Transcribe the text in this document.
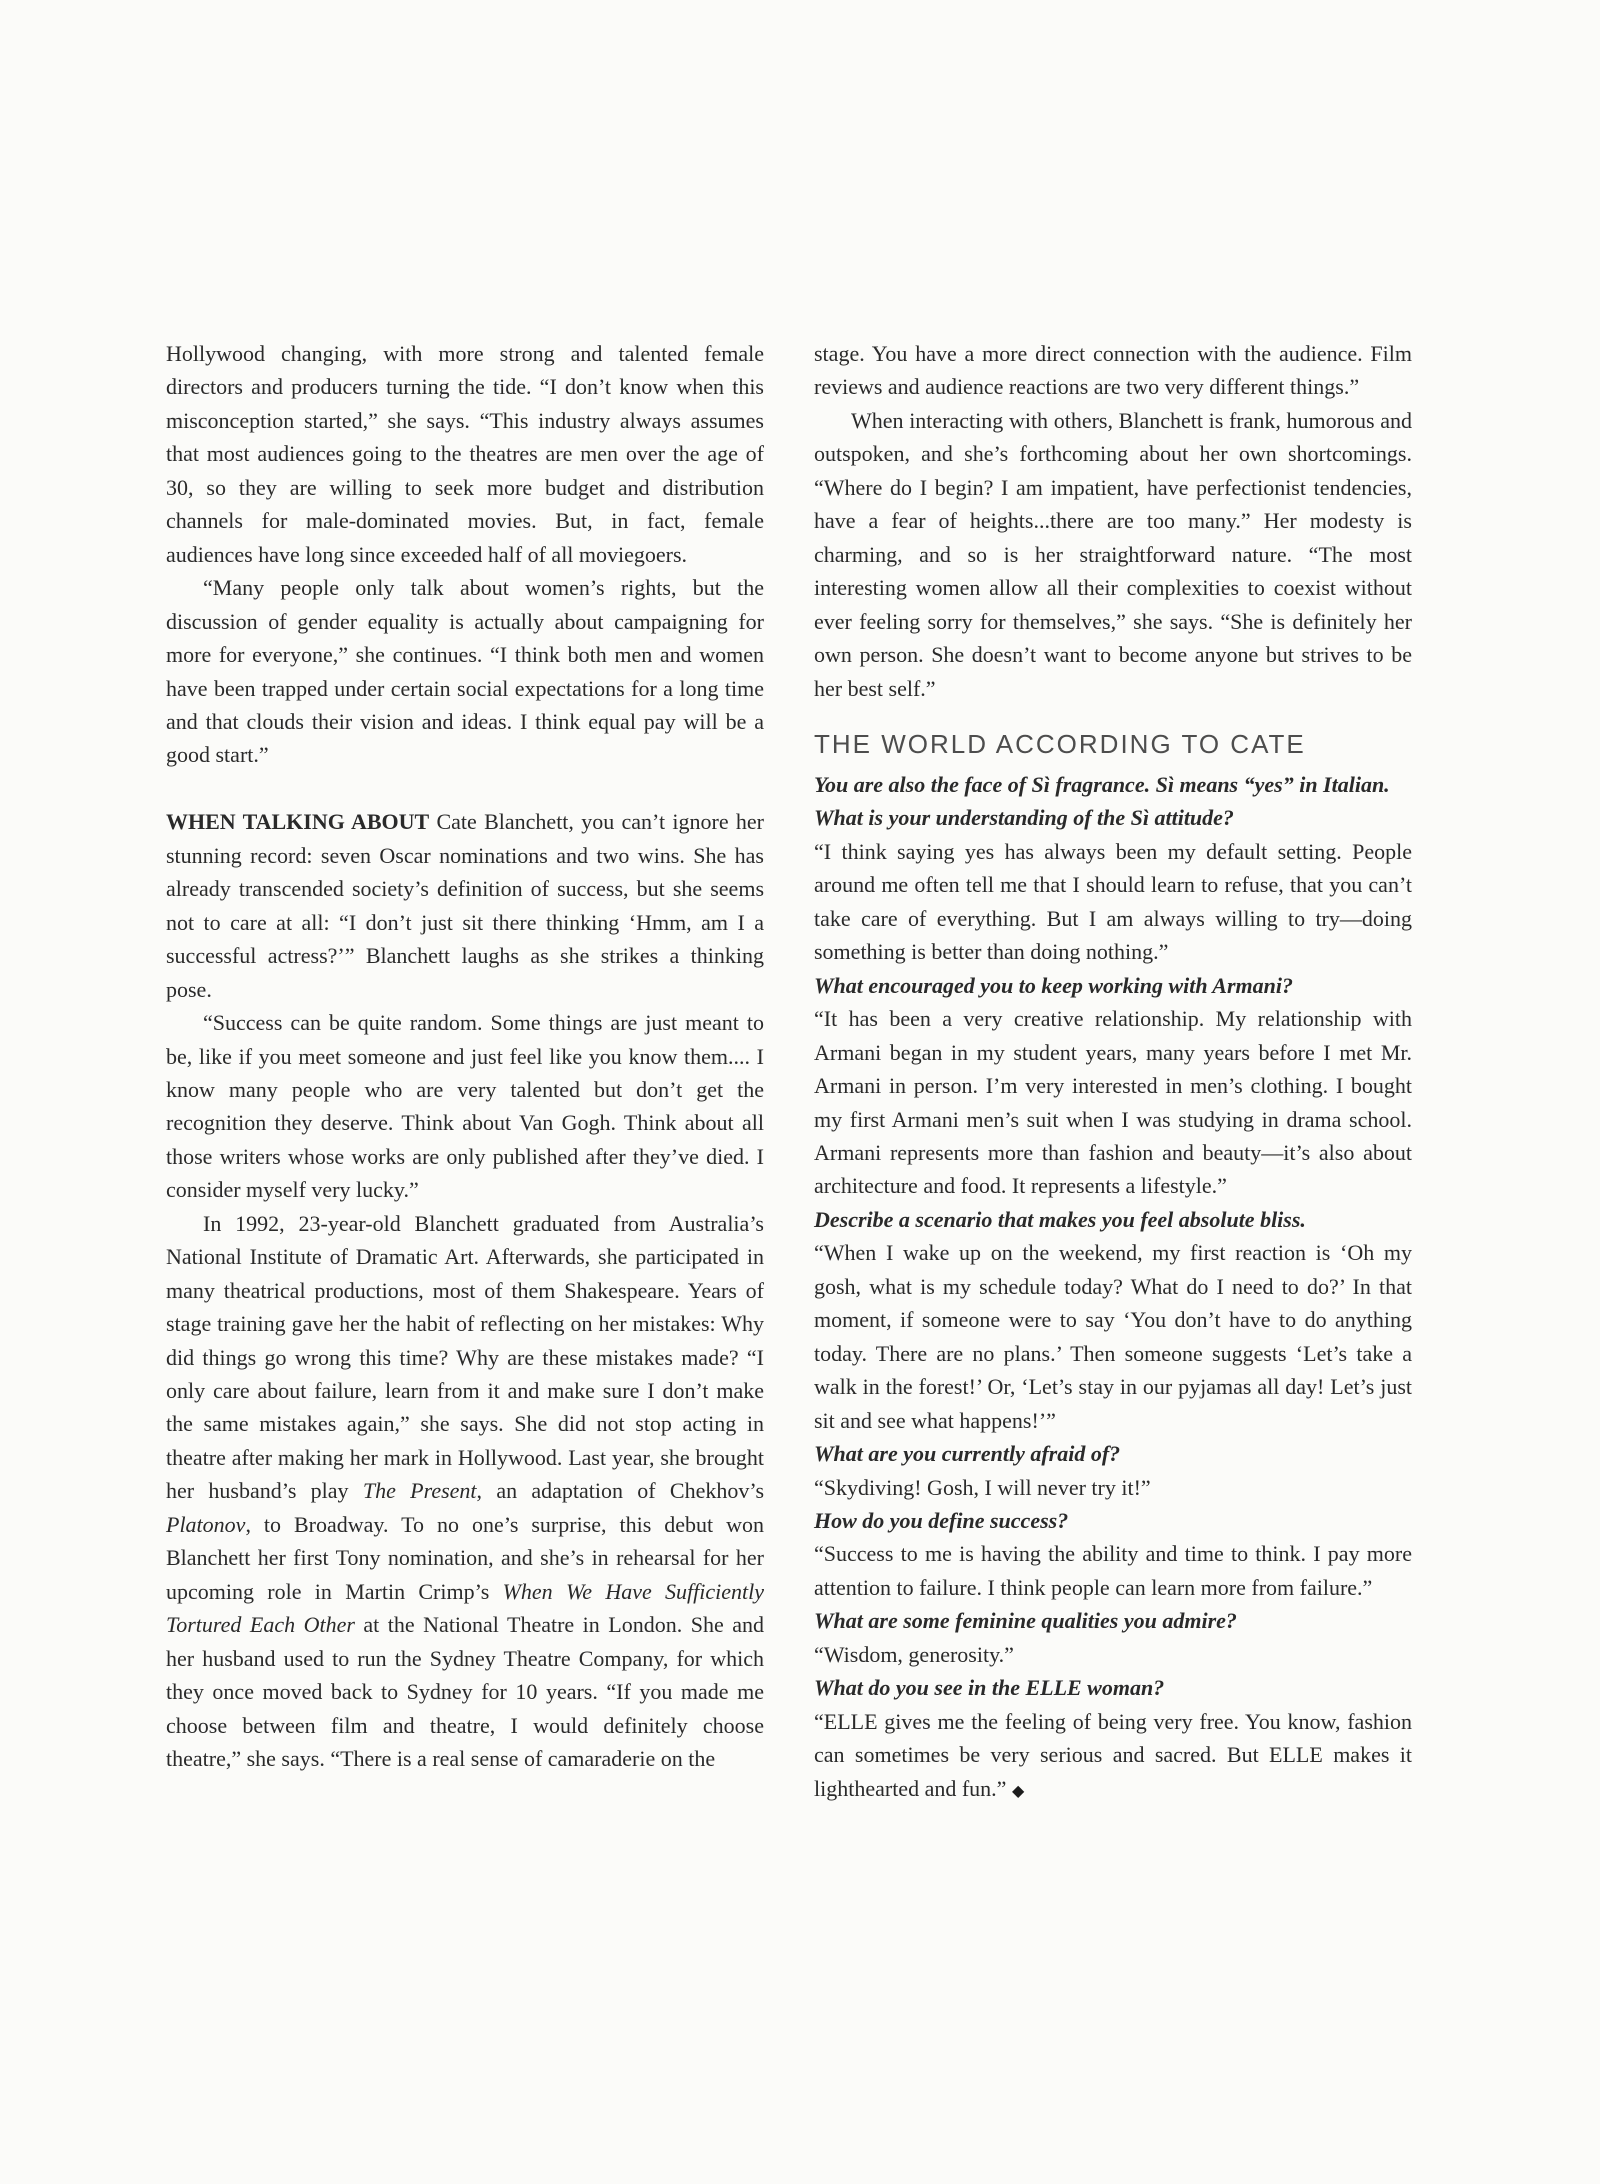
Hollywood changing, with more strong and talented female directors and producers turning the tide. “I don’t know when this misconception started,” she says. “This industry always assumes that most audiences going to the theatres are men over the age of 30, so they are willing to seek more budget and distribution channels for male-dominated movies. But, in fact, female audiences have long since exceeded half of all moviegoers.

“Many people only talk about women’s rights, but the discussion of gender equality is actually about campaigning for more for everyone,” she continues. “I think both men and women have been trapped under certain social expectations for a long time and that clouds their vision and ideas. I think equal pay will be a good start.”

WHEN TALKING ABOUT Cate Blanchett, you can’t ignore her stunning record: seven Oscar nominations and two wins. She has already transcended society’s definition of success, but she seems not to care at all: “I don’t just sit there thinking ‘Hmm, am I a successful actress?’” Blanchett laughs as she strikes a thinking pose.

“Success can be quite random. Some things are just meant to be, like if you meet someone and just feel like you know them.... I know many people who are very talented but don’t get the recognition they deserve. Think about Van Gogh. Think about all those writers whose works are only published after they’ve died. I consider myself very lucky.”

In 1992, 23-year-old Blanchett graduated from Australia’s National Institute of Dramatic Art. Afterwards, she participated in many theatrical productions, most of them Shakespeare. Years of stage training gave her the habit of reflecting on her mistakes: Why did things go wrong this time? Why are these mistakes made? “I only care about failure, learn from it and make sure I don’t make the same mistakes again,” she says. She did not stop acting in theatre after making her mark in Hollywood. Last year, she brought her husband’s play The Present, an adaptation of Chekhov’s Platonov, to Broadway. To no one’s surprise, this debut won Blanchett her first Tony nomination, and she’s in rehearsal for her upcoming role in Martin Crimp’s When We Have Sufficiently Tortured Each Other at the National Theatre in London. She and her husband used to run the Sydney Theatre Company, for which they once moved back to Sydney for 10 years. “If you made me choose between film and theatre, I would definitely choose theatre,” she says. “There is a real sense of camaraderie on the

stage. You have a more direct connection with the audience. Film reviews and audience reactions are two very different things.”

When interacting with others, Blanchett is frank, humorous and outspoken, and she’s forthcoming about her own shortcomings. “Where do I begin? I am impatient, have perfectionist tendencies, have a fear of heights...there are too many.” Her modesty is charming, and so is her straightforward nature. “The most interesting women allow all their complexities to coexist without ever feeling sorry for themselves,” she says. “She is definitely her own person. She doesn’t want to become anyone but strives to be her best self.”

THE WORLD ACCORDING TO CATE

You are also the face of Sì fragrance. Sì means “yes” in Italian. What is your understanding of the Sì attitude?

“I think saying yes has always been my default setting. People around me often tell me that I should learn to refuse, that you can’t take care of everything. But I am always willing to try—doing something is better than doing nothing.”

What encouraged you to keep working with Armani?

“It has been a very creative relationship. My relationship with Armani began in my student years, many years before I met Mr. Armani in person. I’m very interested in men’s clothing. I bought my first Armani men’s suit when I was studying in drama school. Armani represents more than fashion and beauty—it’s also about architecture and food. It represents a lifestyle.”

Describe a scenario that makes you feel absolute bliss.

“When I wake up on the weekend, my first reaction is ‘Oh my gosh, what is my schedule today? What do I need to do?’ In that moment, if someone were to say ‘You don’t have to do anything today. There are no plans.’ Then someone suggests ‘Let’s take a walk in the forest!’ Or, ‘Let’s stay in our pyjamas all day! Let’s just sit and see what happens!’”

What are you currently afraid of?

“Skydiving! Gosh, I will never try it!”

How do you define success?

“Success to me is having the ability and time to think. I pay more attention to failure. I think people can learn more from failure.”

What are some feminine qualities you admire?

“Wisdom, generosity.”

What do you see in the ELLE woman?

“ELLE gives me the feeling of being very free. You know, fashion can sometimes be very serious and sacred. But ELLE makes it lighthearted and fun.” ◆
